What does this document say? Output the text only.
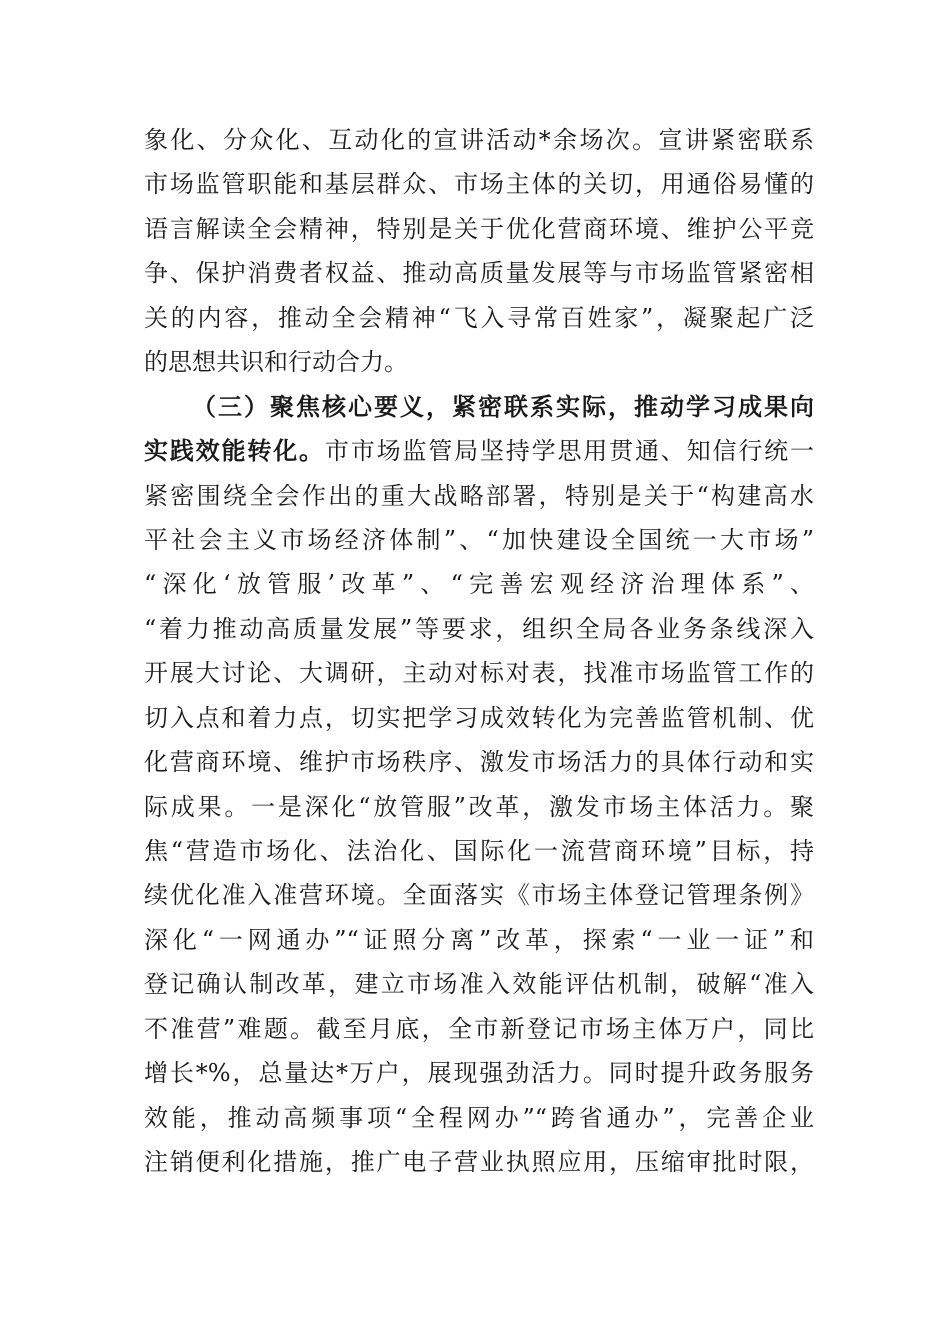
象化、分众化、互动化的宣讲活动*余场次。宣讲紧密联系
市场监管职能和基层群众、市场主体的关切，用通俗易懂的
语言解读全会精神，特别是关于优化营商环境、维护公平竞
争、保护消费者权益、推动高质量发展等与市场监管紧密相
关的内容，推动全会精神“飞入寻常百姓家”，凝聚起广泛
的思想共识和行动合力。
（三）聚焦核心要义，紧密联系实际，推动学习成果向
实践效能转化。市市场监管局坚持学思用贯通、知信行统一
紧密围绕全会作出的重大战略部署，特别是关于“构建高水
平社会主义市场经济体制”、“加快建设全国统一大市场”
“深化‘放管服’改革”、“完善宏观经济治理体系”、
“着力推动高质量发展”等要求，组织全局各业务条线深入
开展大讨论、大调研，主动对标对表，找准市场监管工作的
切入点和着力点，切实把学习成效转化为完善监管机制、优
化营商环境、维护市场秩序、激发市场活力的具体行动和实
际成果。一是深化“放管服”改革，激发市场主体活力。聚
焦“营造市场化、法治化、国际化一流营商环境”目标，持
续优化准入准营环境。全面落实《市场主体登记管理条例》
深化“一网通办”“证照分离”改革，探索“一业一证”和
登记确认制改革，建立市场准入效能评估机制，破解“准入
不准营”难题。截至月底，全市新登记市场主体万户，同比
增长*%，总量达*万户，展现强劲活力。同时提升政务服务
效能，推动高频事项“全程网办”“跨省通办”，完善企业
注销便利化措施，推广电子营业执照应用，压缩审批时限，
